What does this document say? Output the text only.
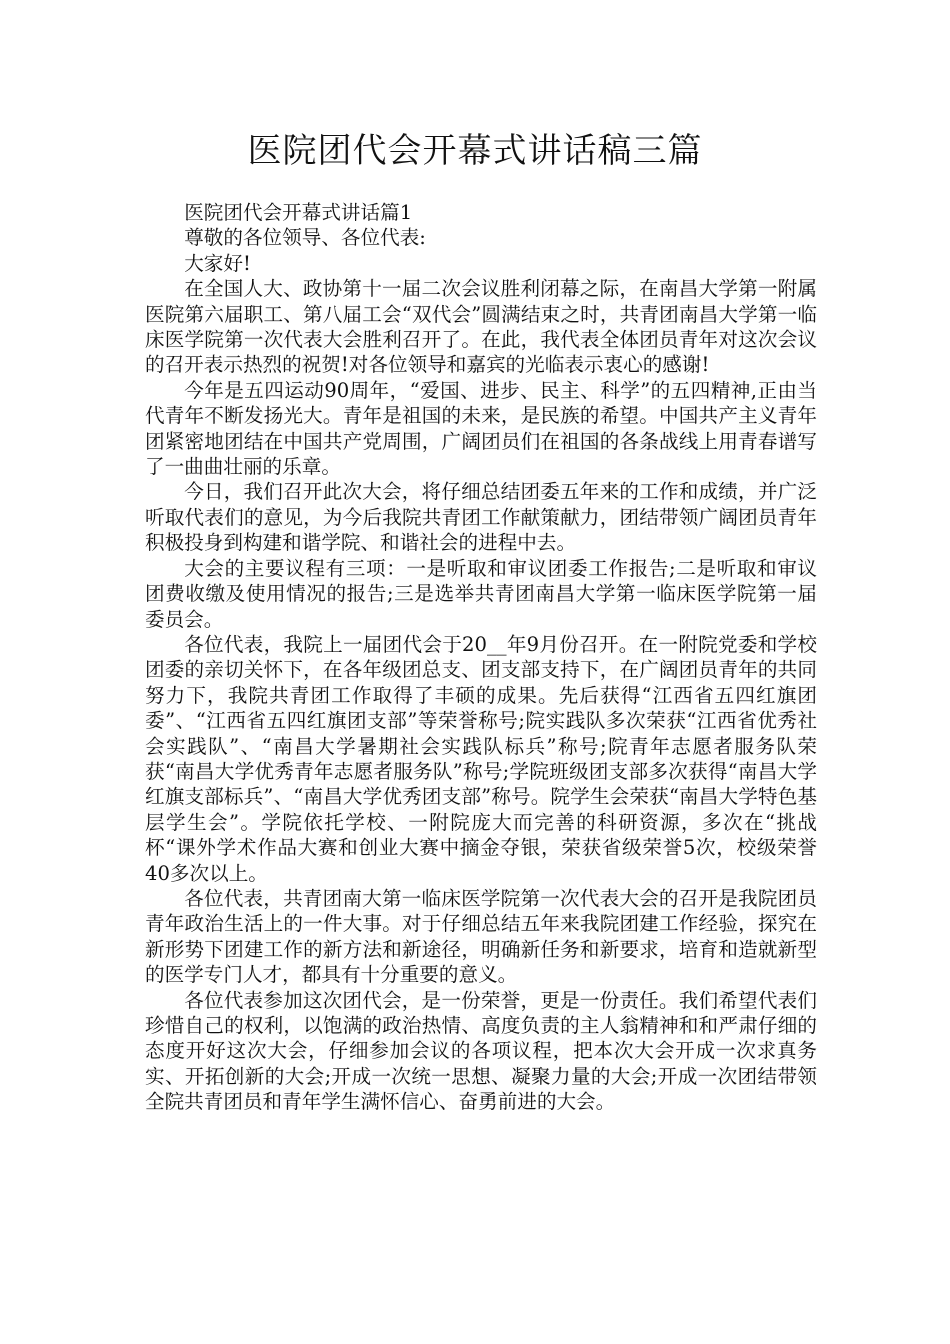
医院团代会开幕式讲话稿三篇

医院团代会开幕式讲话篇1

尊敬的各位领导、各位代表:

大家好!

在全国人大、政协第十一届二次会议胜利闭幕之际，在南昌大学第一附属医院第六届职工、第八届工会“双代会”圆满结束之时，共青团南昌大学第一临床医学院第一次代表大会胜利召开了。在此，我代表全体团员青年对这次会议的召开表示热烈的祝贺!对各位领导和嘉宾的光临表示衷心的感谢!

今年是五四运动90周年，“爱国、进步、民主、科学”的五四精神,正由当代青年不断发扬光大。青年是祖国的未来，是民族的希望。中国共产主义青年团紧密地团结在中国共产党周围，广阔团员们在祖国的各条战线上用青春谱写了一曲曲壮丽的乐章。

今日，我们召开此次大会，将仔细总结团委五年来的工作和成绩，并广泛听取代表们的意见，为今后我院共青团工作献策献力，团结带领广阔团员青年积极投身到构建和谐学院、和谐社会的进程中去。

大会的主要议程有三项：一是听取和审议团委工作报告;二是听取和审议团费收缴及使用情况的报告;三是选举共青团南昌大学第一临床医学院第一届委员会。

各位代表，我院上一届团代会于20__年9月份召开。在一附院党委和学校团委的亲切关怀下，在各年级团总支、团支部支持下，在广阔团员青年的共同努力下，我院共青团工作取得了丰硕的成果。先后获得“江西省五四红旗团委”、“江西省五四红旗团支部”等荣誉称号;院实践队多次荣获“江西省优秀社会实践队”、“南昌大学暑期社会实践队标兵”称号;院青年志愿者服务队荣获“南昌大学优秀青年志愿者服务队”称号;学院班级团支部多次获得“南昌大学红旗支部标兵”、“南昌大学优秀团支部”称号。院学生会荣获“南昌大学特色基层学生会”。学院依托学校、一附院庞大而完善的科研资源，多次在“挑战杯“课外学术作品大赛和创业大赛中摘金夺银，荣获省级荣誉5次，校级荣誉40多次以上。

各位代表，共青团南大第一临床医学院第一次代表大会的召开是我院团员青年政治生活上的一件大事。对于仔细总结五年来我院团建工作经验，探究在新形势下团建工作的新方法和新途径，明确新任务和新要求，培育和造就新型的医学专门人才，都具有十分重要的意义。

各位代表参加这次团代会，是一份荣誉，更是一份责任。我们希望代表们珍惜自己的权利，以饱满的政治热情、高度负责的主人翁精神和和严肃仔细的态度开好这次大会，仔细参加会议的各项议程，把本次大会开成一次求真务实、开拓创新的大会;开成一次统一思想、凝聚力量的大会;开成一次团结带领全院共青团员和青年学生满怀信心、奋勇前进的大会。
